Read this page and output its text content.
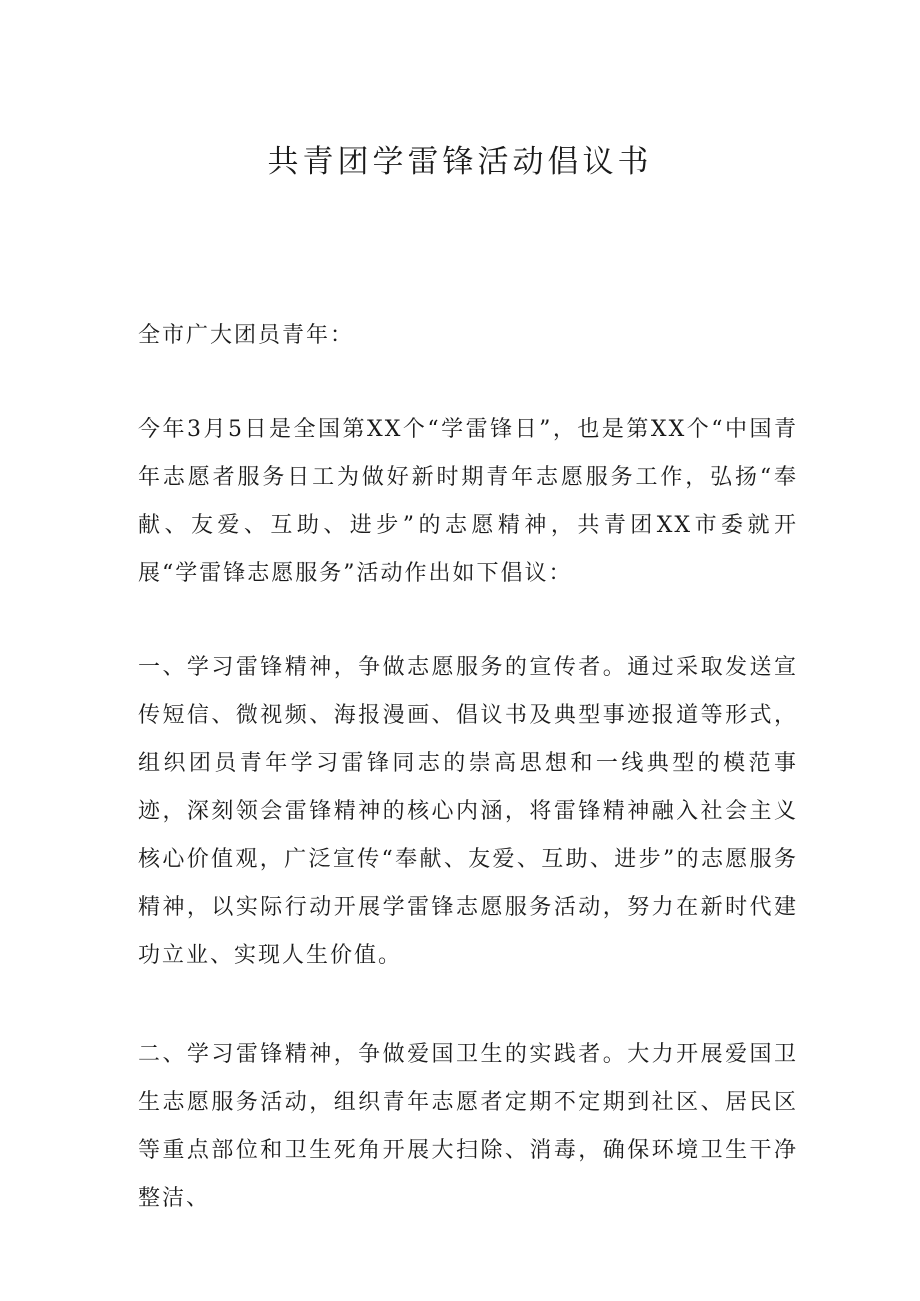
共青团学雷锋活动倡议书

全市广大团员青年：

今年3月5日是全国第XX个“学雷锋日”，也是第XX个“中国青年志愿者服务日工为做好新时期青年志愿服务工作，弘扬“奉献、友爱、互助、进步”的志愿精神，共青团XX市委就开展“学雷锋志愿服务”活动作出如下倡议：

一、学习雷锋精神，争做志愿服务的宣传者。通过采取发送宣传短信、微视频、海报漫画、倡议书及典型事迹报道等形式，组织团员青年学习雷锋同志的崇高思想和一线典型的模范事迹，深刻领会雷锋精神的核心内涵，将雷锋精神融入社会主义核心价值观，广泛宣传“奉献、友爱、互助、进步”的志愿服务精神，以实际行动开展学雷锋志愿服务活动，努力在新时代建功立业、实现人生价值。

二、学习雷锋精神，争做爱国卫生的实践者。大力开展爱国卫生志愿服务活动，组织青年志愿者定期不定期到社区、居民区等重点部位和卫生死角开展大扫除、消毒，确保环境卫生干净整洁、
